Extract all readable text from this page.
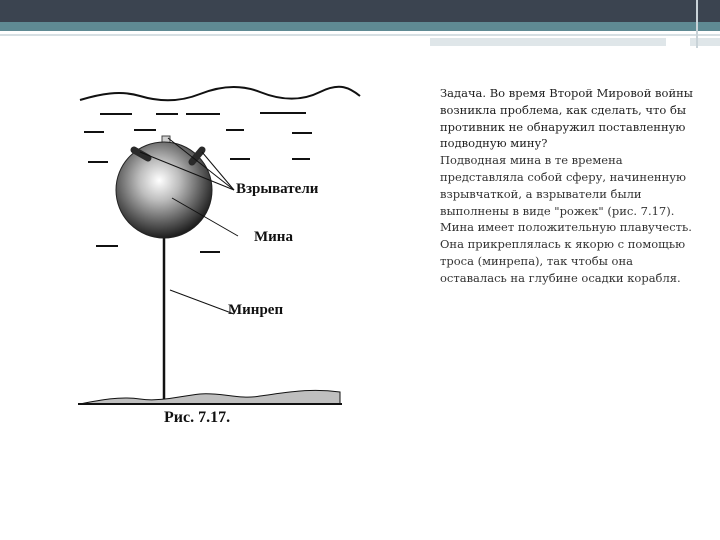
Взрыватели
Мина
Минреп
Рис. 7.17.

Задача. Во время Второй Мировой войны возникла проблема, как сделать, что бы противник не обнаружил поставленную подводную мину?

Подводная мина в те времена представляла собой сферу, начиненную взрывчаткой, а взрыватели были выполнены в виде "рожек" (рис. 7.17). Мина имеет положительную плавучесть. Она прикреплялась к якорю с помощью троса (минрепа), так чтобы она оставалась на глубине осадки корабля.
